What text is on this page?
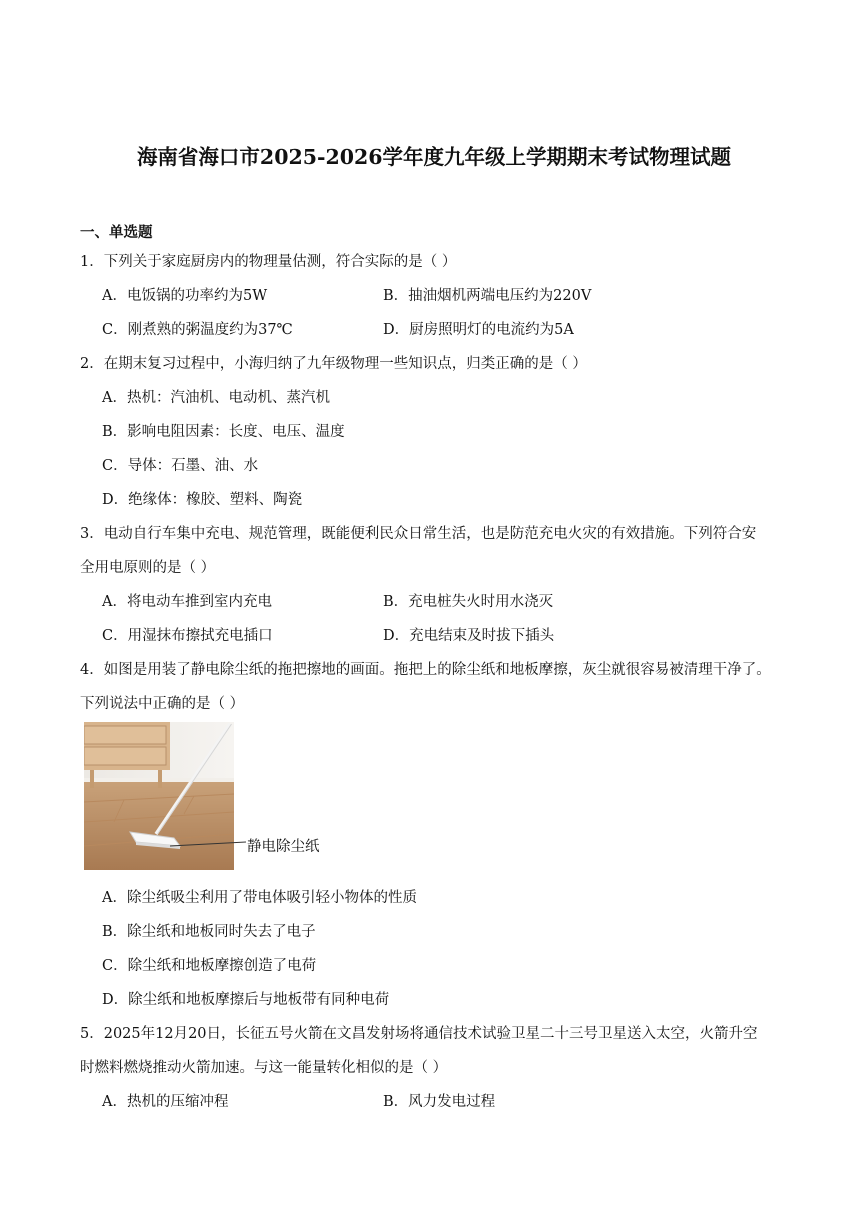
海南省海口市2025-2026学年度九年级上学期期末考试物理试题
一、单选题
1．下列关于家庭厨房内的物理量估测，符合实际的是（ ）
A．电饭锅的功率约为5W	B．抽油烟机两端电压约为220V
C．刚煮熟的粥温度约为37℃	D．厨房照明灯的电流约为5A
2．在期末复习过程中，小海归纳了九年级物理一些知识点，归类正确的是（ ）
A．热机：汽油机、电动机、蒸汽机
B．影响电阻因素：长度、电压、温度
C．导体：石墨、油、水
D．绝缘体：橡胶、塑料、陶瓷
3．电动自行车集中充电、规范管理，既能便利民众日常生活，也是防范充电火灾的有效措施。下列符合安
全用电原则的是（ ）
A．将电动车推到室内充电	B．充电桩失火时用水浇灭
C．用湿抹布擦拭充电插口	D．充电结束及时拔下插头
4．如图是用装了静电除尘纸的拖把擦地的画面。拖把上的除尘纸和地板摩擦，灰尘就很容易被清理干净了。
下列说法中正确的是（ ）
静电除尘纸
A．除尘纸吸尘利用了带电体吸引轻小物体的性质
B．除尘纸和地板同时失去了电子
C．除尘纸和地板摩擦创造了电荷
D．除尘纸和地板摩擦后与地板带有同种电荷
5．2025年12月20日，长征五号火箭在文昌发射场将通信技术试验卫星二十三号卫星送入太空，火箭升空
时燃料燃烧推动火箭加速。与这一能量转化相似的是（ ）
A．热机的压缩冲程	B．风力发电过程
